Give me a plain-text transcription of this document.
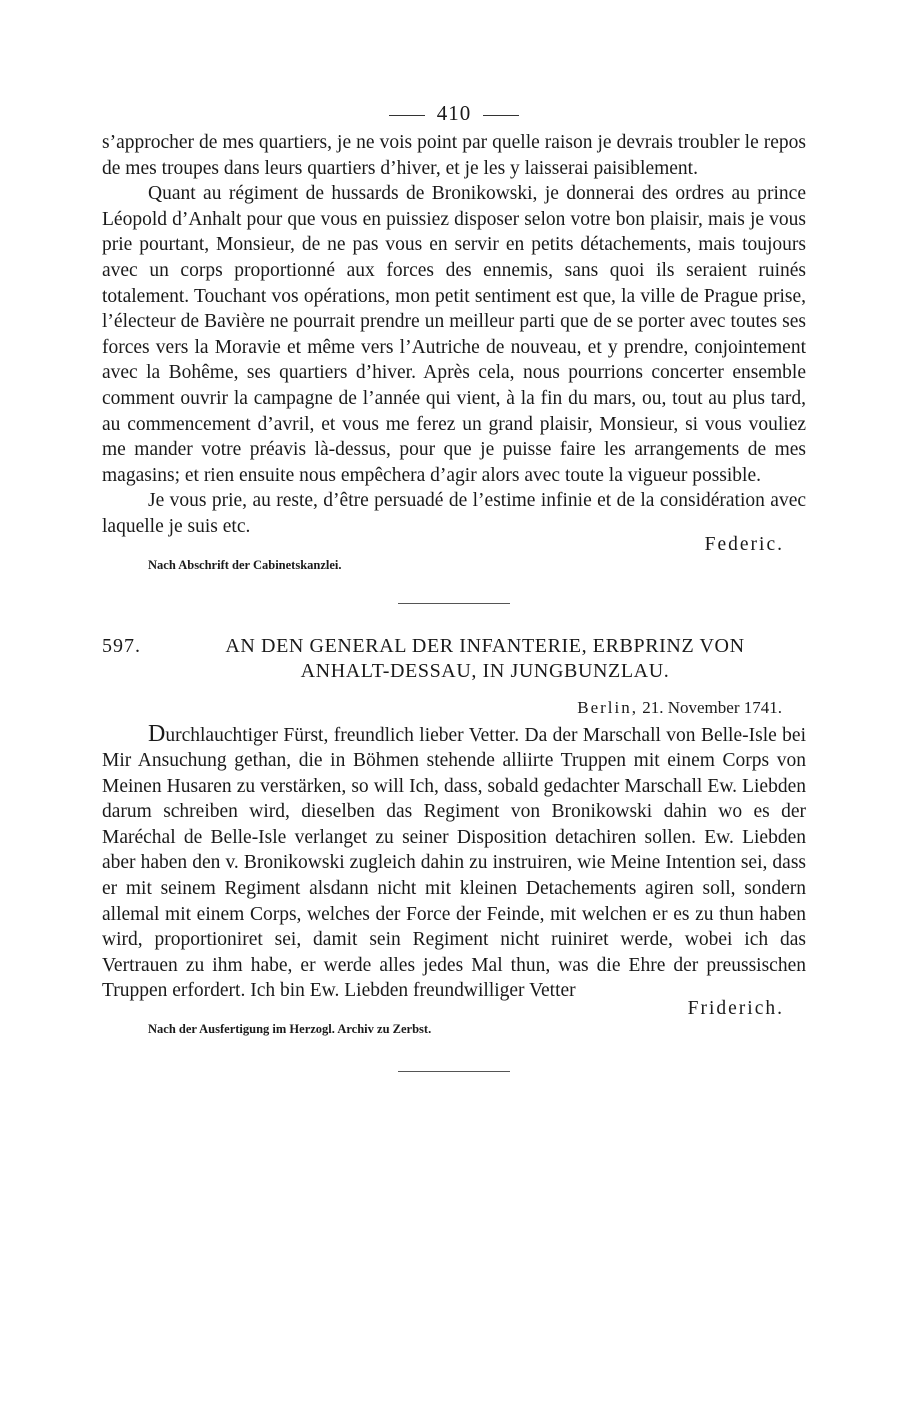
410

s’approcher de mes quartiers, je ne vois point par quelle raison je devrais troubler le repos de mes troupes dans leurs quartiers d’hiver, et je les y laisserai paisiblement.

Quant au régiment de hussards de Bronikowski, je donnerai des ordres au prince Léopold d’Anhalt pour que vous en puissiez disposer selon votre bon plaisir, mais je vous prie pourtant, Monsieur, de ne pas vous en servir en petits détachements, mais toujours avec un corps proportionné aux forces des ennemis, sans quoi ils seraient ruinés totalement. Touchant vos opérations, mon petit sentiment est que, la ville de Prague prise, l’électeur de Bavière ne pourrait prendre un meilleur parti que de se porter avec toutes ses forces vers la Moravie et même vers l’Autriche de nouveau, et y prendre, conjointement avec la Bohême, ses quartiers d’hiver. Après cela, nous pourrions concerter ensemble comment ouvrir la campagne de l’année qui vient, à la fin du mars, ou, tout au plus tard, au commencement d’avril, et vous me ferez un grand plaisir, Monsieur, si vous vouliez me mander votre préavis là-dessus, pour que je puisse faire les arrangements de mes magasins; et rien ensuite nous empêchera d’agir alors avec toute la vigueur possible.

Je vous prie, au reste, d’être persuadé de l’estime infinie et de la considération avec laquelle je suis etc.

Federic.
Nach Abschrift der Cabinetskanzlei.
597.	AN DEN GENERAL DER INFANTERIE, ERBPRINZ VON
ANHALT-DESSAU, IN JUNGBUNZLAU.
Berlin, 21. November 1741.

Durchlauchtiger Fürst, freundlich lieber Vetter. Da der Marschall von Belle-Isle bei Mir Ansuchung gethan, die in Böhmen stehende alliirte Truppen mit einem Corps von Meinen Husaren zu verstärken, so will Ich, dass, sobald gedachter Marschall Ew. Liebden darum schreiben wird, dieselben das Regiment von Bronikowski dahin wo es der Maréchal de Belle-Isle verlanget zu seiner Disposition detachiren sollen. Ew. Liebden aber haben den v. Bronikowski zugleich dahin zu instruiren, wie Meine Intention sei, dass er mit seinem Regiment alsdann nicht mit kleinen Detachements agiren soll, sondern allemal mit einem Corps, welches der Force der Feinde, mit welchen er es zu thun haben wird, proportioniret sei, damit sein Regiment nicht ruiniret werde, wobei ich das Vertrauen zu ihm habe, er werde alles jedes Mal thun, was die Ehre der preussischen Truppen erfordert. Ich bin Ew. Liebden freundwilliger Vetter

Friderich.
Nach der Ausfertigung im Herzogl. Archiv zu Zerbst.
